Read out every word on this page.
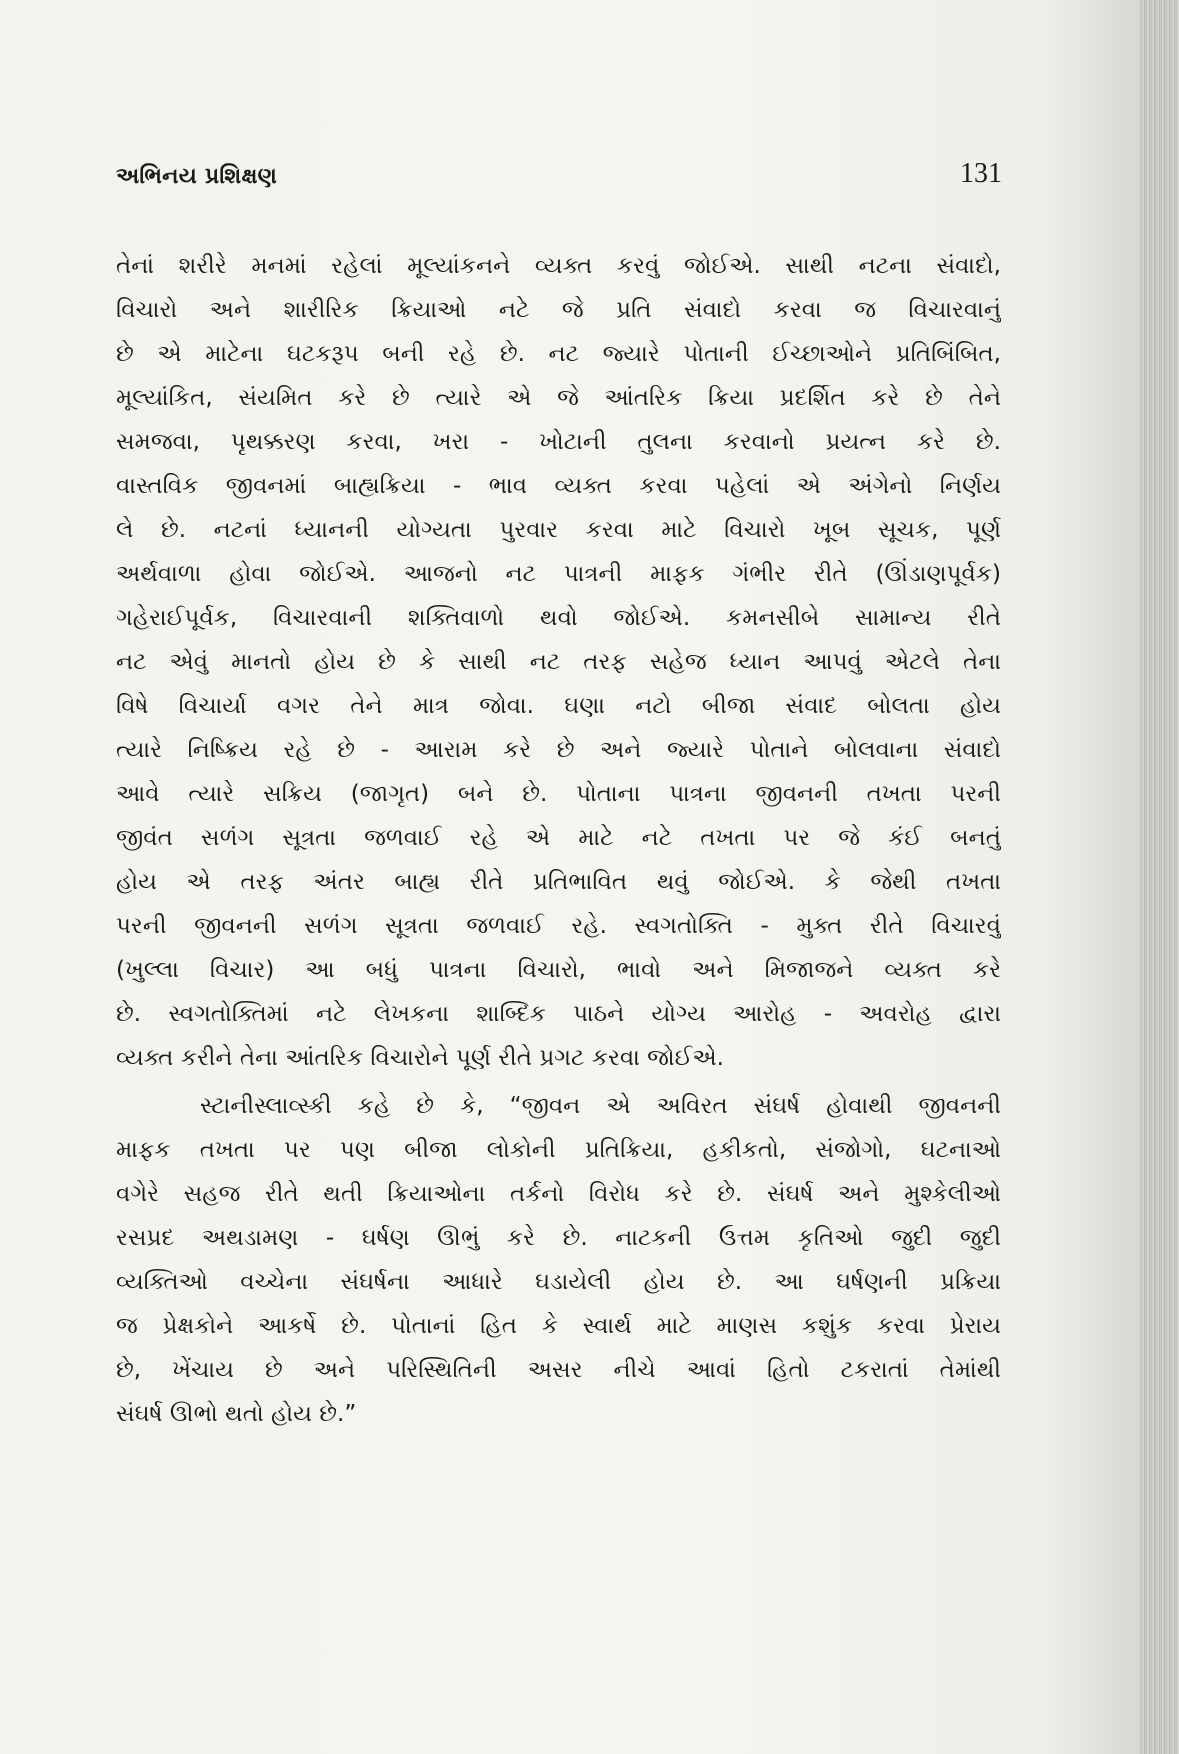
અભિનય પ્રશિક્ષણ	131

તેનાં શરીરે મનમાં રહેલાં મૂલ્યાંકનને વ્યક્ત કરવું જોઈએ. સાથી નટના સંવાદો,
વિચારો અને શારીરિક ક્રિયાઓ નટે જે પ્રતિ સંવાદો કરવા જ વિચારવાનું
છે એ માટેના ઘટકરૂપ બની રહે છે. નટ જ્યારે પોતાની ઈચ્છાઓને પ્રતિબિંબિત,
મૂલ્યાંકિત, સંયમિત કરે છે ત્યારે એ જે આંતરિક ક્રિયા પ્રદર્શિત કરે છે તેને
સમજવા, પૃથક્કરણ કરવા, ખરા - ખોટાની તુલના કરવાનો પ્રયત્ન કરે છે.
વાસ્તવિક જીવનમાં બાહ્યક્રિયા - ભાવ વ્યક્ત કરવા પહેલાં એ અંગેનો નિર્ણય
લે છે. નટનાં ધ્યાનની યોગ્યતા પુરવાર કરવા માટે વિચારો ખૂબ સૂચક, પૂર્ણ
અર્થવાળા હોવા જોઈએ. આજનો નટ પાત્રની માફક ગંભીર રીતે (ઊંડાણપૂર્વક)
ગહેરાઈપૂર્વક, વિચારવાની શક્તિવાળો થવો જોઈએ. કમનસીબે સામાન્ય રીતે
નટ એવું માનતો હોય છે કે સાથી નટ તરફ સહેજ ધ્યાન આપવું એટલે તેના
વિષે વિચાર્યા વગર તેને માત્ર જોવા. ઘણા નટો બીજા સંવાદ બોલતા હોય
ત્યારે નિષ્ક્રિય રહે છે - આરામ કરે છે અને જ્યારે પોતાને બોલવાના સંવાદો
આવે ત્યારે સક્રિય (જાગૃત) બને છે. પોતાના પાત્રના જીવનની તખતા પરની
જીવંત સળંગ સૂત્રતા જળવાઈ રહે એ માટે નટે તખતા પર જે કંઈ બનતું
હોય એ તરફ અંતર બાહ્ય રીતે પ્રતિભાવિત થવું જોઈએ. કે જેથી તખતા
પરની જીવનની સળંગ સૂત્રતા જળવાઈ રહે. સ્વગતોક્તિ - મુક્ત રીતે વિચારવું
(ખુલ્લા વિચાર) આ બધું પાત્રના વિચારો, ભાવો અને મિજાજને વ્યક્ત કરે
છે. સ્વગતોક્તિમાં નટે લેખકના શાબ્દિક પાઠને યોગ્ય આરોહ - અવરોહ દ્વારા
વ્યક્ત કરીને તેના આંતરિક વિચારોને પૂર્ણ રીતે પ્રગટ કરવા જોઈએ.

સ્ટાનીસ્લાવ્સ્કી કહે છે કે, “જીવન એ અવિરત સંઘર્ષ હોવાથી જીવનની
માફક તખતા પર પણ બીજા લોકોની પ્રતિક્રિયા, હકીકતો, સંજોગો, ઘટનાઓ
વગેરે સહજ રીતે થતી ક્રિયાઓના તર્કનો વિરોધ કરે છે. સંઘર્ષ અને મુશ્કેલીઓ
રસપ્રદ અથડામણ - ઘર્ષણ ઊભું કરે છે. નાટકની ઉત્તમ કૃતિઓ જુદી જુદી
વ્યક્તિઓ વચ્ચેના સંઘર્ષના આધારે ઘડાયેલી હોય છે. આ ઘર્ષણની પ્રક્રિયા
જ પ્રેક્ષકોને આકર્ષે છે. પોતાનાં હિત કે સ્વાર્થ માટે માણસ કશુંક કરવા પ્રેરાય
છે, ખેંચાય છે અને પરિસ્થિતિની અસર નીચે આવાં હિતો ટકરાતાં તેમાંથી
સંઘર્ષ ઊભો થતો હોય છે.”
